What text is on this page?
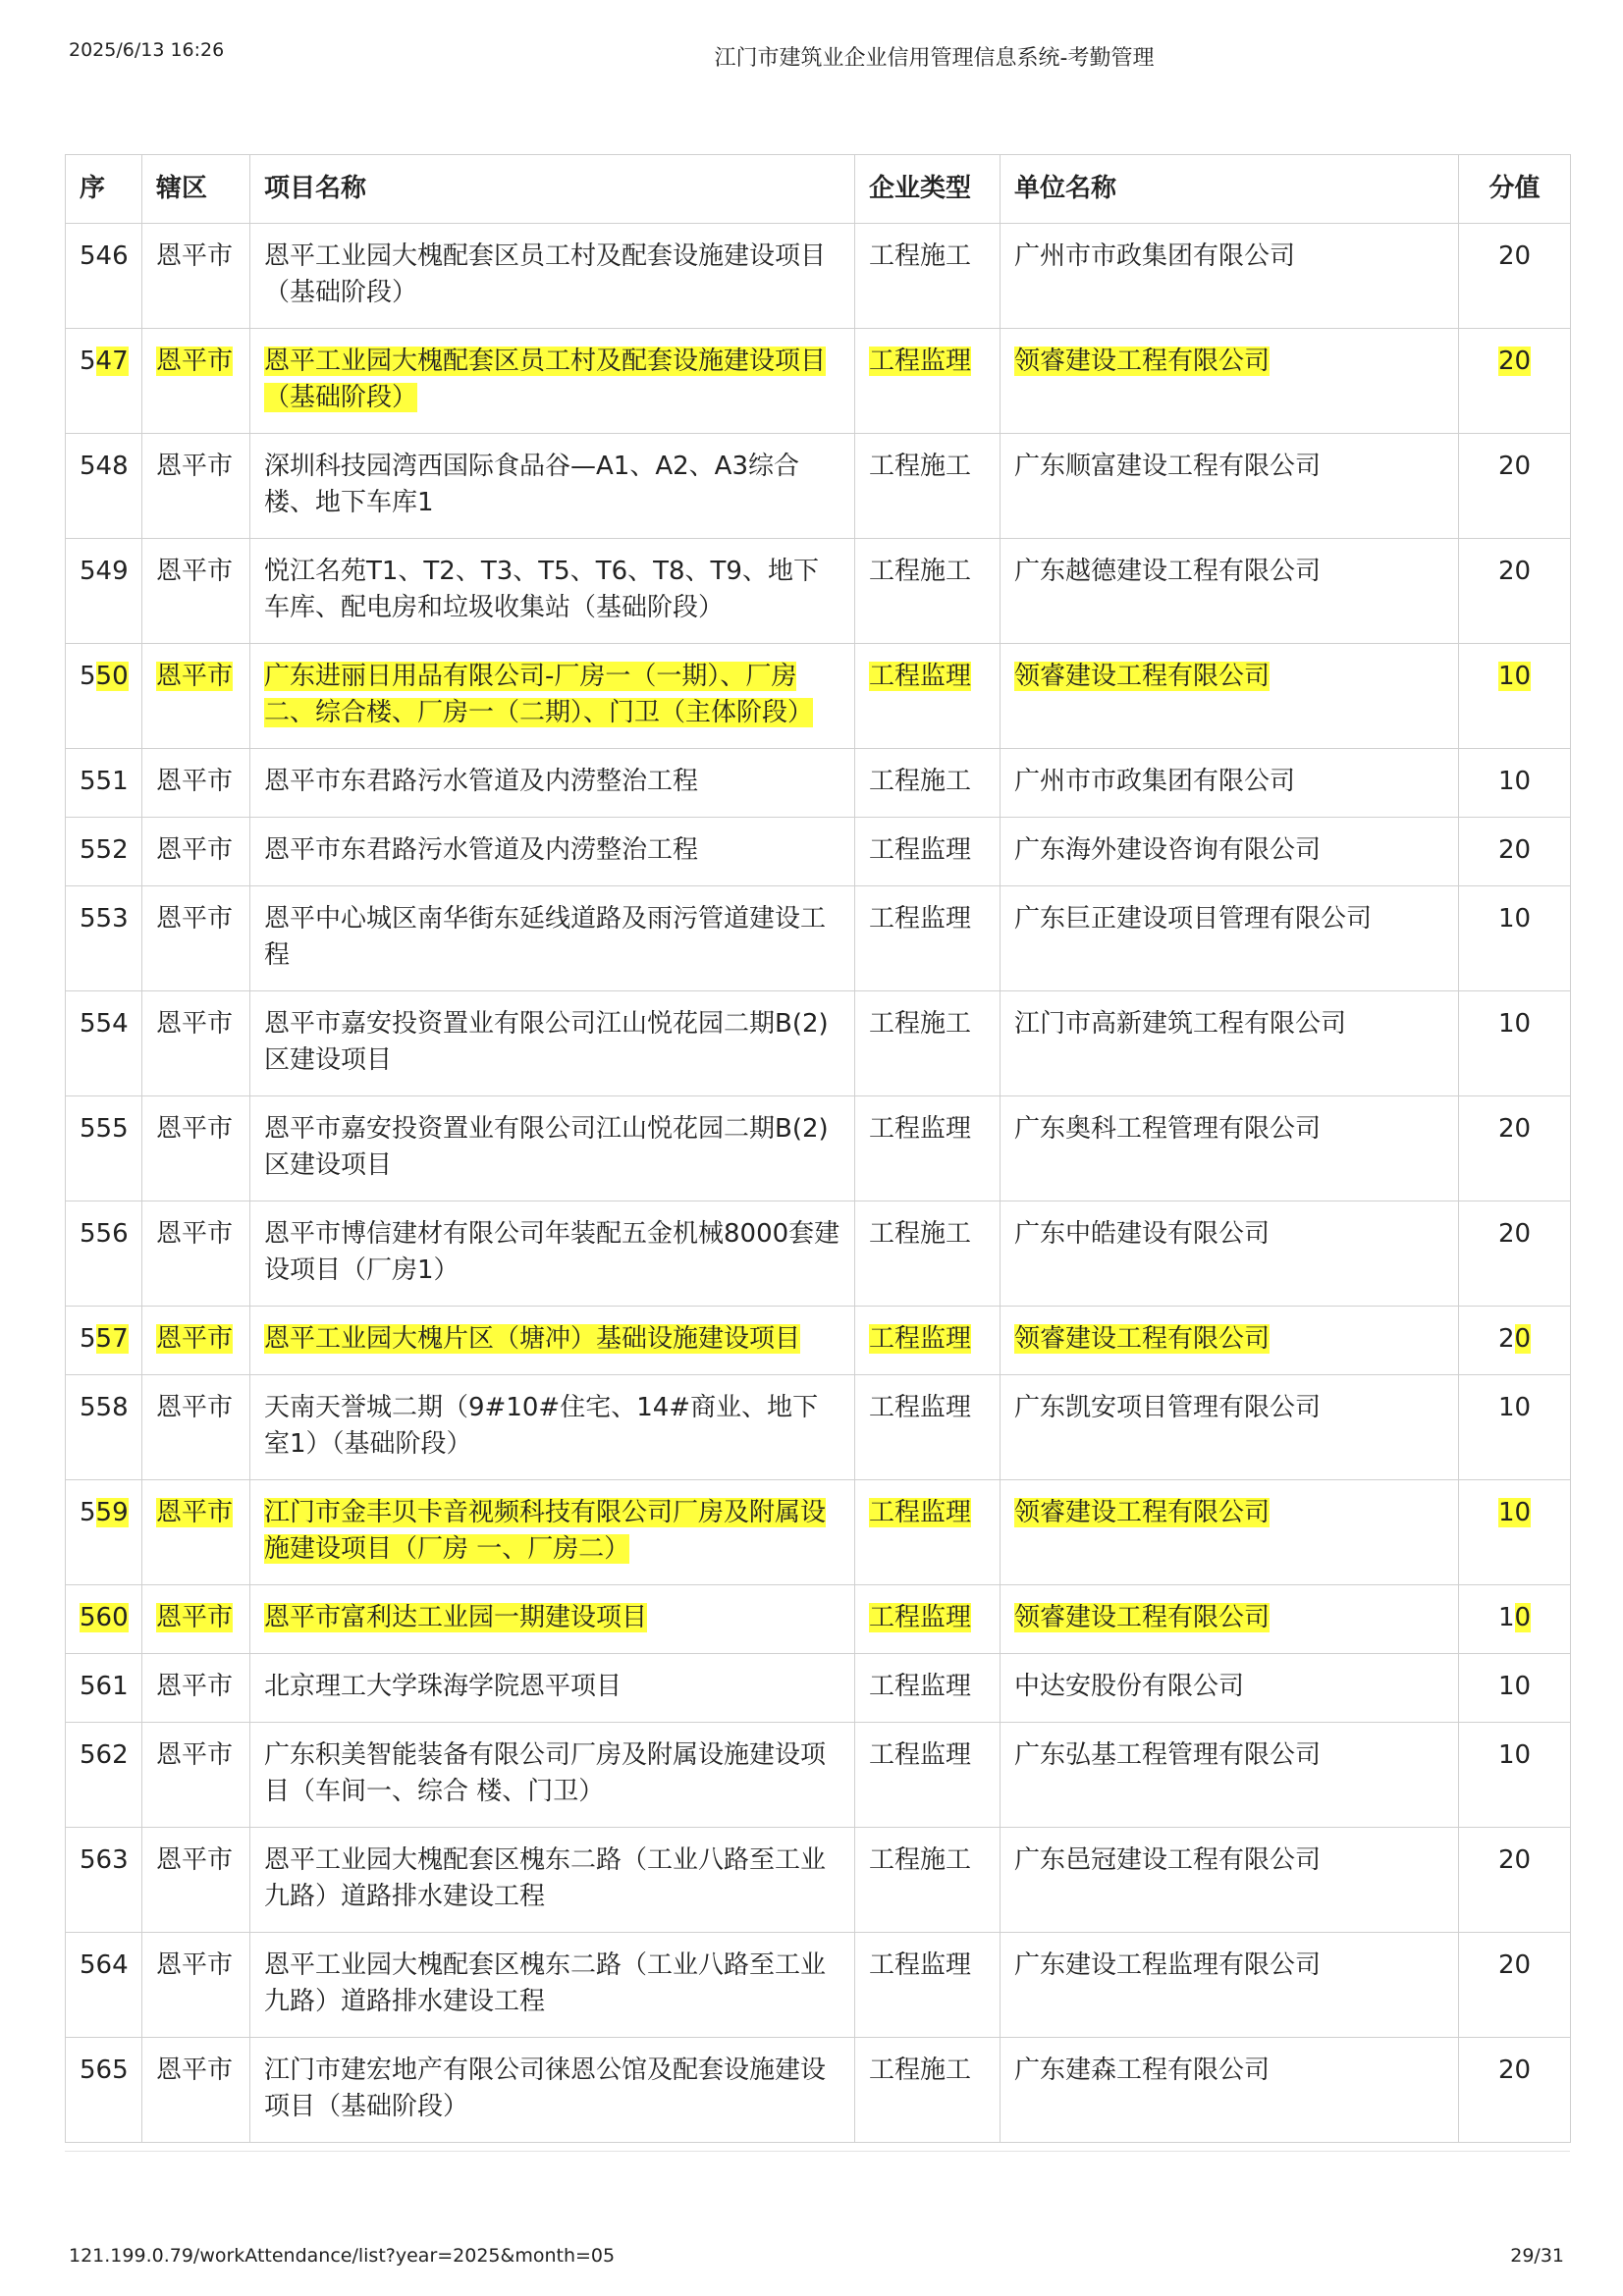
2025/6/13 16:26	江门市建筑业企业信用管理信息系统-考勤管理
序	辖区	项目名称	企业类型	单位名称	分值
546	恩平市	恩平工业园大槐配套区员工村及配套设施建设项目（基础阶段）	工程施工	广州市市政集团有限公司	20
547	恩平市	恩平工业园大槐配套区员工村及配套设施建设项目（基础阶段）	工程监理	领睿建设工程有限公司	20
548	恩平市	深圳科技园湾西国际食品谷—A1、A2、A3综合楼、地下车库1	工程施工	广东顺富建设工程有限公司	20
549	恩平市	悦江名苑T1、T2、T3、T5、T6、T8、T9、地下车库、配电房和垃圾收集站（基础阶段）	工程施工	广东越德建设工程有限公司	20
550	恩平市	广东进丽日用品有限公司-厂房一（一期）、厂房二、综合楼、厂房一（二期）、门卫（主体阶段）	工程监理	领睿建设工程有限公司	10
551	恩平市	恩平市东君路污水管道及内涝整治工程	工程施工	广州市市政集团有限公司	10
552	恩平市	恩平市东君路污水管道及内涝整治工程	工程监理	广东海外建设咨询有限公司	20
553	恩平市	恩平中心城区南华街东延线道路及雨污管道建设工程	工程监理	广东巨正建设项目管理有限公司	10
554	恩平市	恩平市嘉安投资置业有限公司江山悦花园二期B(2)区建设项目	工程施工	江门市高新建筑工程有限公司	10
555	恩平市	恩平市嘉安投资置业有限公司江山悦花园二期B(2)区建设项目	工程监理	广东奥科工程管理有限公司	20
556	恩平市	恩平市博信建材有限公司年装配五金机械8000套建设项目（厂房1）	工程施工	广东中皓建设有限公司	20
557	恩平市	恩平工业园大槐片区（塘冲）基础设施建设项目	工程监理	领睿建设工程有限公司	20
558	恩平市	天南天誉城二期（9#10#住宅、14#商业、地下室1）（基础阶段）	工程监理	广东凯安项目管理有限公司	10
559	恩平市	江门市金丰贝卡音视频科技有限公司厂房及附属设施建设项目（厂房 一、厂房二）	工程监理	领睿建设工程有限公司	10
560	恩平市	恩平市富利达工业园一期建设项目	工程监理	领睿建设工程有限公司	10
561	恩平市	北京理工大学珠海学院恩平项目	工程监理	中达安股份有限公司	10
562	恩平市	广东积美智能装备有限公司厂房及附属设施建设项目（车间一、综合 楼、门卫）	工程监理	广东弘基工程管理有限公司	10
563	恩平市	恩平工业园大槐配套区槐东二路（工业八路至工业九路）道路排水建设工程	工程施工	广东邑冠建设工程有限公司	20
564	恩平市	恩平工业园大槐配套区槐东二路（工业八路至工业九路）道路排水建设工程	工程监理	广东建设工程监理有限公司	20
565	恩平市	江门市建宏地产有限公司徕恩公馆及配套设施建设项目（基础阶段）	工程施工	广东建森工程有限公司	20
121.199.0.79/workAttendance/list?year=2025&month=05	29/31
